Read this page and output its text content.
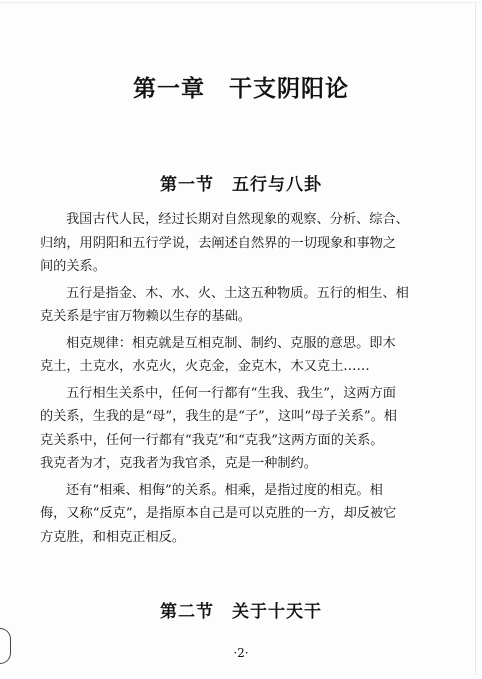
第一章　干支阴阳论
第一节　五行与八卦
我国古代人民，经过长期对自然现象的观察、分析、综合、
归纳，用阴阳和五行学说，去阐述自然界的一切现象和事物之
间的关系。
五行是指金、木、水、火、土这五种物质。五行的相生、相
克关系是宇宙万物赖以生存的基础。
相克规律：相克就是互相克制、制约、克服的意思。即木
克土，土克水，水克火，火克金，金克木，木又克土……
五行相生关系中，任何一行都有“生我、我生”，这两方面
的关系，生我的是“母”，我生的是“子”，这叫“母子关系”。相
克关系中，任何一行都有“我克”和“克我”这两方面的关系。
我克者为才，克我者为我官杀，克是一种制约。
还有“相乘、相侮”的关系。相乘，是指过度的相克。相
侮，又称“反克”，是指原本自己是可以克胜的一方，却反被它
方克胜，和相克正相反。
第二节　关于十天干
·2·
